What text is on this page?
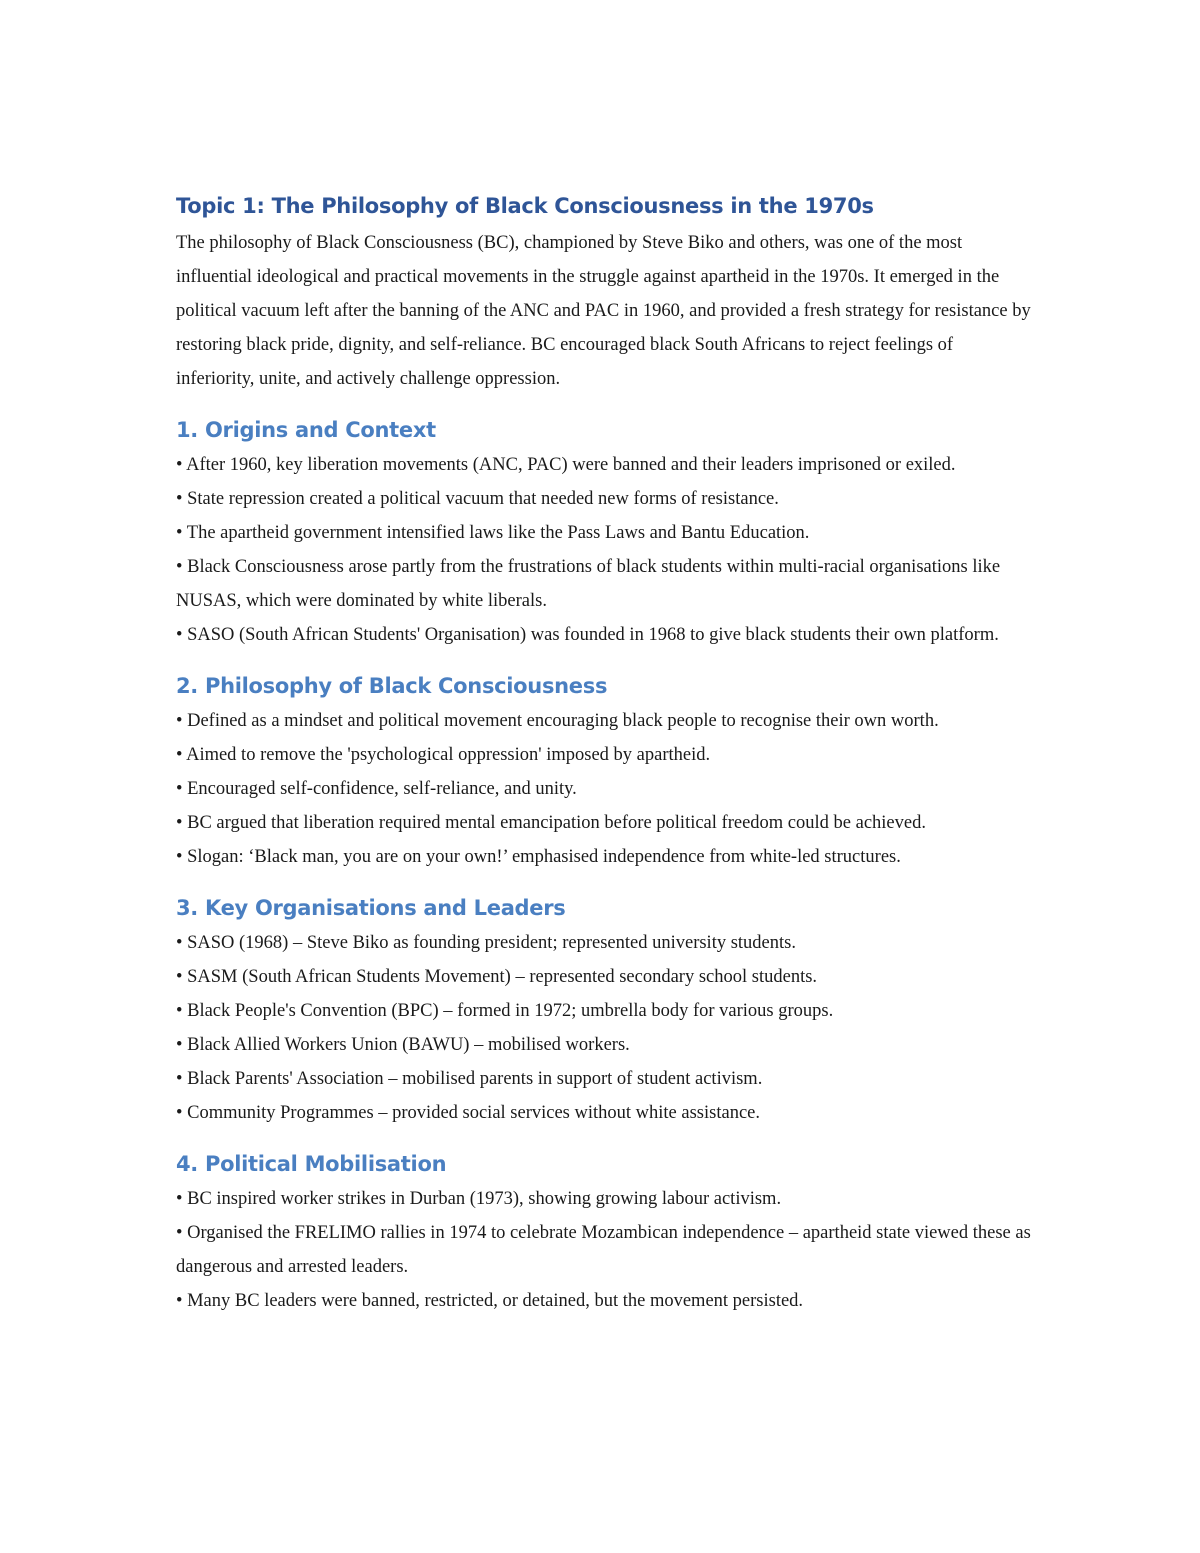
Topic 1: The Philosophy of Black Consciousness in the 1970s

The philosophy of Black Consciousness (BC), championed by Steve Biko and others, was one of the most influential ideological and practical movements in the struggle against apartheid in the 1970s. It emerged in the political vacuum left after the banning of the ANC and PAC in 1960, and provided a fresh strategy for resistance by restoring black pride, dignity, and self-reliance. BC encouraged black South Africans to reject feelings of inferiority, unite, and actively challenge oppression.

1. Origins and Context
• After 1960, key liberation movements (ANC, PAC) were banned and their leaders imprisoned or exiled.
• State repression created a political vacuum that needed new forms of resistance.
• The apartheid government intensified laws like the Pass Laws and Bantu Education.
• Black Consciousness arose partly from the frustrations of black students within multi-racial organisations like NUSAS, which were dominated by white liberals.
• SASO (South African Students' Organisation) was founded in 1968 to give black students their own platform.
2. Philosophy of Black Consciousness
• Defined as a mindset and political movement encouraging black people to recognise their own worth.
• Aimed to remove the 'psychological oppression' imposed by apartheid.
• Encouraged self-confidence, self-reliance, and unity.
• BC argued that liberation required mental emancipation before political freedom could be achieved.
• Slogan: ‘Black man, you are on your own!’ emphasised independence from white-led structures.
3. Key Organisations and Leaders
• SASO (1968) – Steve Biko as founding president; represented university students.
• SASM (South African Students Movement) – represented secondary school students.
• Black People's Convention (BPC) – formed in 1972; umbrella body for various groups.
• Black Allied Workers Union (BAWU) – mobilised workers.
• Black Parents' Association – mobilised parents in support of student activism.
• Community Programmes – provided social services without white assistance.
4. Political Mobilisation
• BC inspired worker strikes in Durban (1973), showing growing labour activism.
• Organised the FRELIMO rallies in 1974 to celebrate Mozambican independence – apartheid state viewed these as dangerous and arrested leaders.
• Many BC leaders were banned, restricted, or detained, but the movement persisted.
